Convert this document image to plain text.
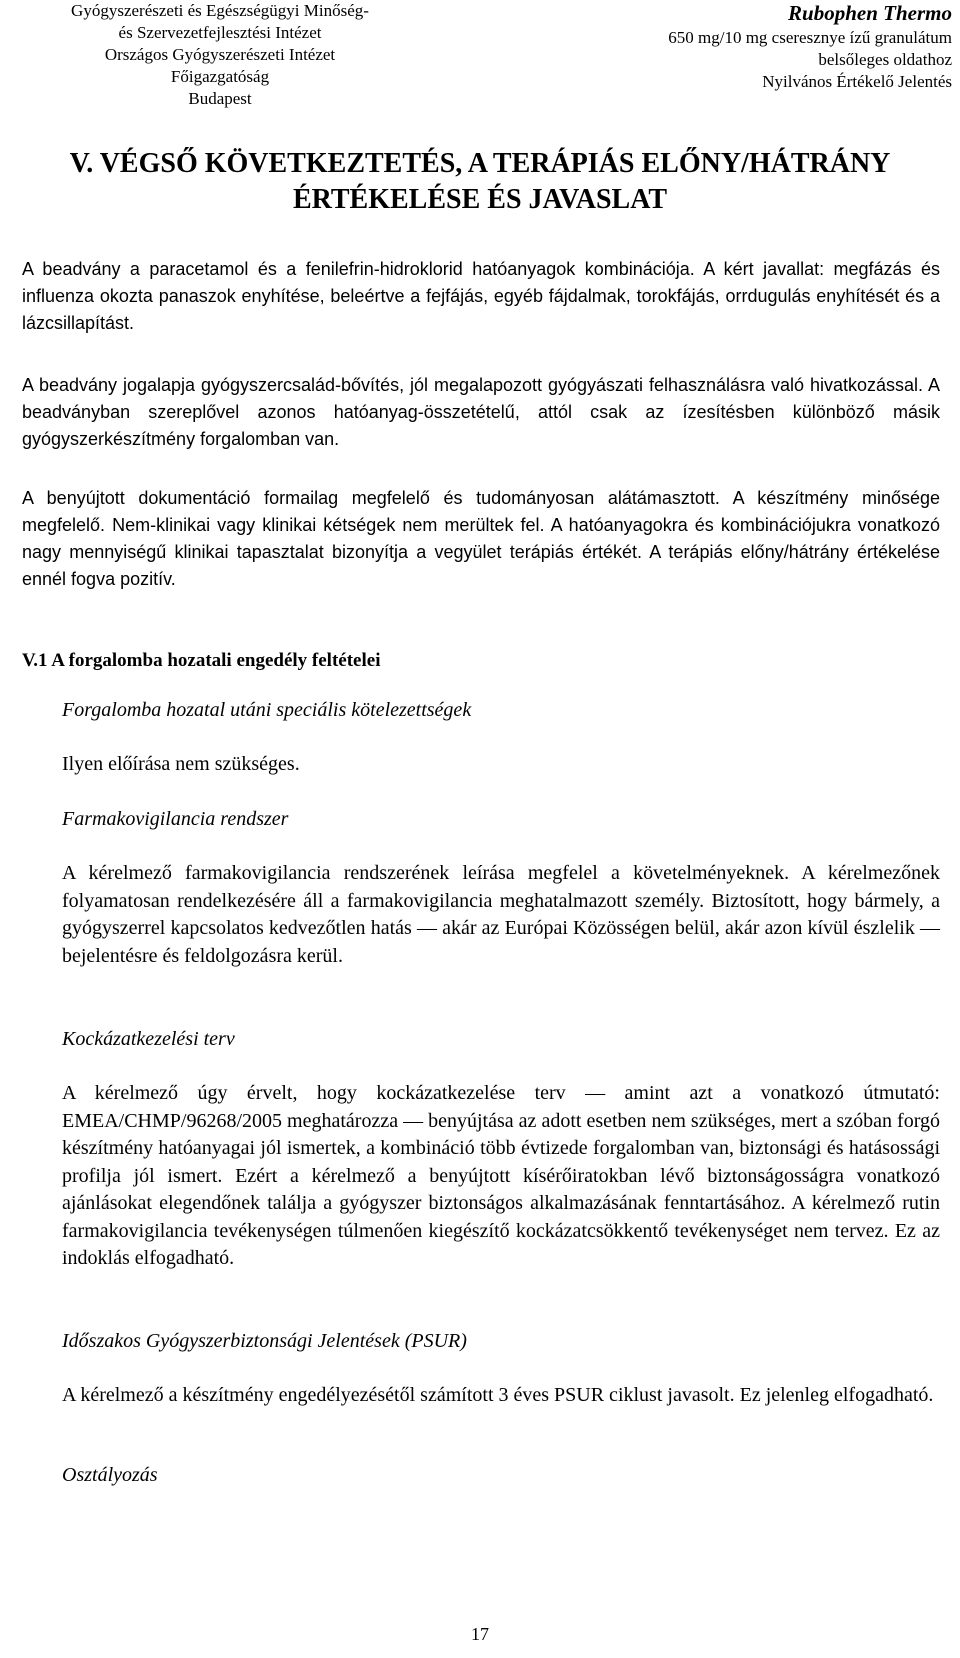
Gyógyszerészeti és Egészségügyi Minőség-
és Szervezetfejlesztési Intézet
Országos Gyógyszerészeti Intézet
Főigazgatóság
Budapest
Rubophen Thermo
650 mg/10 mg cseresznye ízű granulátum
belsőleges oldathoz
Nyilvános Értékelő Jelentés
V. VÉGSŐ KÖVETKEZTETÉS, A TERÁPIÁS ELŐNY/HÁTRÁNY
ÉRTÉKELÉSE ÉS JAVASLAT

A beadvány a paracetamol és a fenilefrin-hidroklorid hatóanyagok kombinációja. A kért javallat: megfázás és influenza okozta panaszok enyhítése, beleértve a fejfájás, egyéb fájdalmak, torokfájás, orrdugulás enyhítését és a lázcsillapítást.

A beadvány jogalapja gyógyszercsalád-bővítés, jól megalapozott gyógyászati felhasználásra való hivatkozással. A beadványban szereplővel azonos hatóanyag-összetételű, attól csak az ízesítésben különböző másik gyógyszerkészítmény forgalomban van.

A benyújtott dokumentáció formailag megfelelő és tudományosan alátámasztott. A készítmény minősége megfelelő. Nem-klinikai vagy klinikai kétségek nem merültek fel. A hatóanyagokra és kombinációjukra vonatkozó nagy mennyiségű klinikai tapasztalat bizonyítja a vegyület terápiás értékét. A terápiás előny/hátrány értékelése ennél fogva pozitív.

V.1 A forgalomba hozatali engedély feltételei
Forgalomba hozatal utáni speciális kötelezettségek

Ilyen előírása nem szükséges.

Farmakovigilancia rendszer

A kérelmező farmakovigilancia rendszerének leírása megfelel a követelményeknek. A kérelmezőnek folyamatosan rendelkezésére áll a farmakovigilancia meghatalmazott személy. Biztosított, hogy bármely, a gyógyszerrel kapcsolatos kedvezőtlen hatás — akár az Európai Közösségen belül, akár azon kívül észlelik — bejelentésre és feldolgozásra kerül.

Kockázatkezelési terv

A kérelmező úgy érvelt, hogy kockázatkezelése terv — amint azt a vonatkozó útmutató: EMEA/CHMP/96268/2005 meghatározza — benyújtása az adott esetben nem szükséges, mert a szóban forgó készítmény hatóanyagai jól ismertek, a kombináció több évtizede forgalomban van, biztonsági és hatásossági profilja jól ismert. Ezért a kérelmező a benyújtott kísérőiratokban lévő biztonságosságra vonatkozó ajánlásokat elegendőnek találja a gyógyszer biztonságos alkalmazásának fenntartásához. A kérelmező rutin farmakovigilancia tevékenységen túlmenően kiegészítő kockázatcsökkentő tevékenységet nem tervez. Ez az indoklás elfogadható.

Időszakos Gyógyszerbiztonsági Jelentések (PSUR)

A kérelmező a készítmény engedélyezésétől számított 3 éves PSUR ciklust javasolt. Ez jelenleg elfogadható.

Osztályozás
17
